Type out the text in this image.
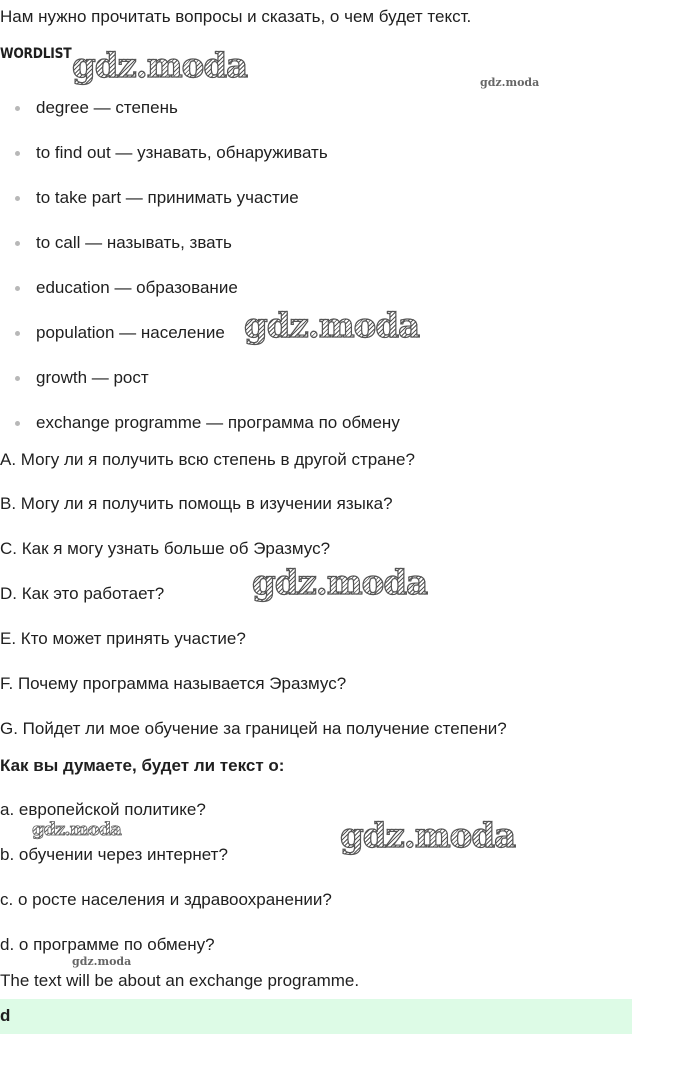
Нам нужно прочитать вопросы и сказать, о чем будет текст.
WORDLIST
degree — степень
to find out — узнавать, обнаруживать
to take part — принимать участие
to call — называть, звать
education — образование
population — население
growth — рост
exchange programme — программа по обмену
A. Могу ли я получить всю степень в другой стране?
B. Могу ли я получить помощь в изучении языка?
C. Как я могу узнать больше об Эразмус?
D. Как это работает?
E. Кто может принять участие?
F. Почему программа называется Эразмус?
G. Пойдет ли мое обучение за границей на получение степени?
Как вы думаете, будет ли текст о:
a. европейской политике?
b. обучении через интернет?
c. о росте населения и здравоохранении?
d. о программе по обмену?
The text will be about an exchange programme.
d
gdz.moda	gdz.moda
gdz.moda
gdz.moda
gdz.moda	gdz.moda
gdz.moda
